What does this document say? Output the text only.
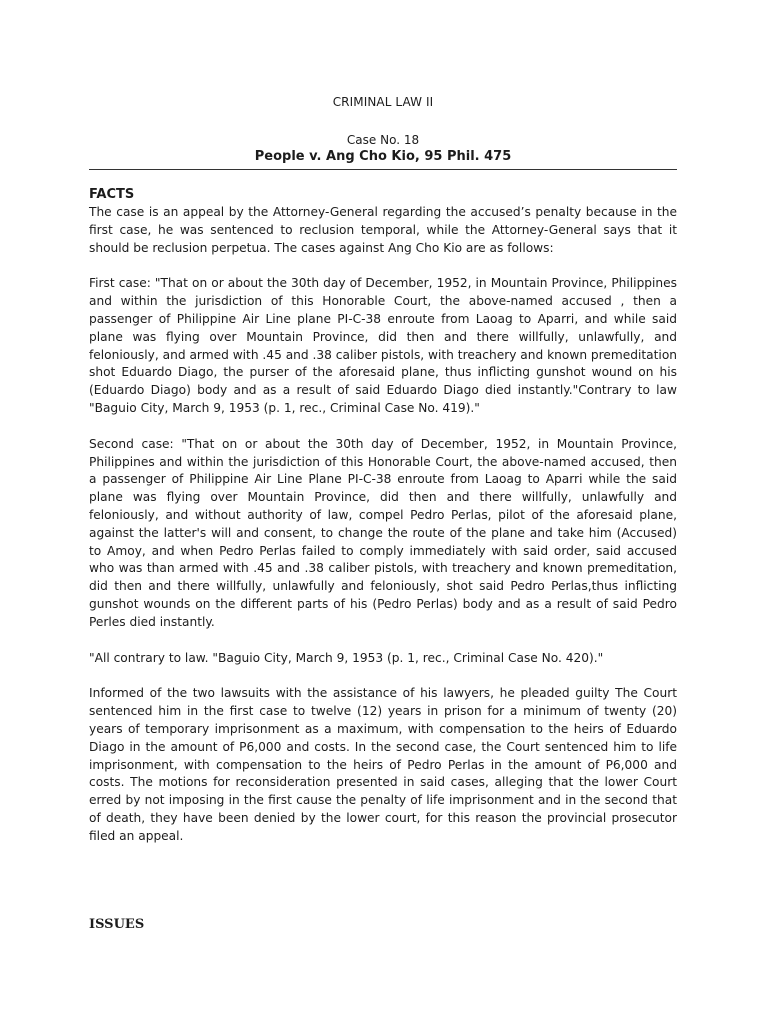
CRIMINAL LAW II

Case No. 18

People v. Ang Cho Kio, 95 Phil. 475

FACTS

The case is an appeal by the Attorney-General regarding the accused’s penalty because in the first case, he was sentenced to reclusion temporal, while the Attorney-General says that it should be reclusion perpetua. The cases against Ang Cho Kio are as follows:

First case: "That on or about the 30th day of December, 1952, in Mountain Province, Philippines and within the jurisdiction of this Honorable Court, the above-named accused , then a passenger of Philippine Air Line plane PI-C-38 enroute from Laoag to Aparri, and while said plane was flying over Mountain Province, did then and there willfully, unlawfully, and feloniously, and armed with .45 and .38 caliber pistols, with treachery and known premeditation shot Eduardo Diago, the purser of the aforesaid plane, thus inflicting gunshot wound on his (Eduardo Diago) body and as a result of said Eduardo Diago died instantly."Contrary to law "Baguio City, March 9, 1953 (p. 1, rec., Criminal Case No. 419)."

Second case: "That on or about the 30th day of December, 1952, in Mountain Province, Philippines and within the jurisdiction of this Honorable Court, the above-named accused, then a passenger of Philippine Air Line Plane PI-C-38 enroute from Laoag to Aparri while the said plane was flying over Mountain Province, did then and there willfully, unlawfully and feloniously, and without authority of law, compel Pedro Perlas, pilot of the aforesaid plane, against the latter's will and consent, to change the route of the plane and take him (Accused) to Amoy, and when Pedro Perlas failed to comply immediately with said order, said accused who was than armed with .45 and .38 caliber pistols, with treachery and known premeditation, did then and there willfully, unlawfully and feloniously, shot said Pedro Perlas,thus inflicting gunshot wounds on the different parts of his (Pedro Perlas) body and as a result of said Pedro Perles died instantly.

"All contrary to law. "Baguio City, March 9, 1953 (p. 1, rec., Criminal Case No. 420)."

Informed of the two lawsuits with the assistance of his lawyers, he pleaded guilty The Court sentenced him in the first case to twelve (12) years in prison for a minimum of twenty (20) years of temporary imprisonment as a maximum, with compensation to the heirs of Eduardo Diago in the amount of P6,000 and costs. In the second case, the Court sentenced him to life imprisonment, with compensation to the heirs of Pedro Perlas in the amount of P6,000 and costs. The motions for reconsideration presented in said cases, alleging that the lower Court erred by not imposing in the first cause the penalty of life imprisonment and in the second that of death, they have been denied by the lower court, for this reason the provincial prosecutor filed an appeal.

ISSUES
